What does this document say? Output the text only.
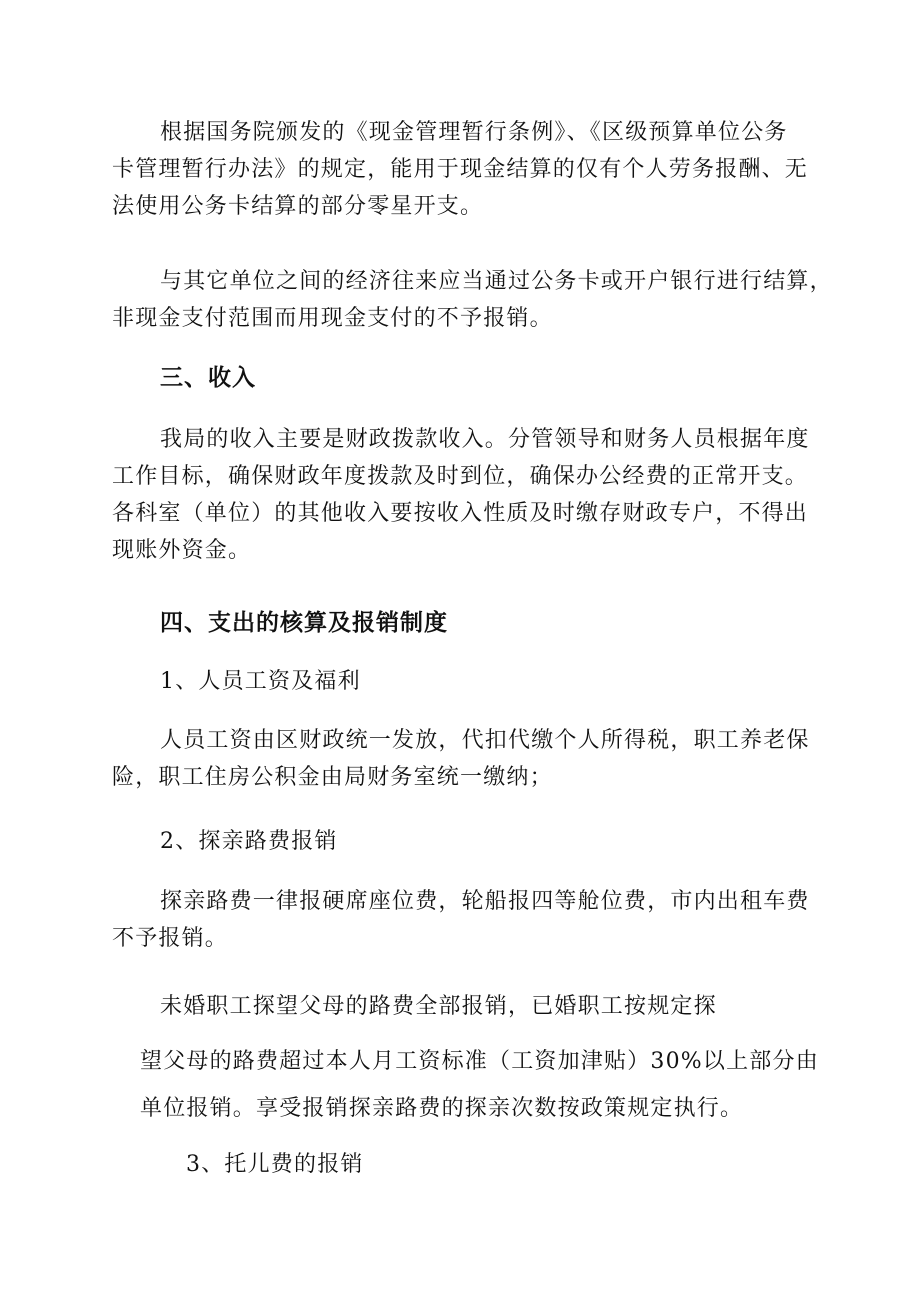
根据国务院颁发的《现金管理暂行条例》、《区级预算单位公务
卡管理暂行办法》的规定，能用于现金结算的仅有个人劳务报酬、无
法使用公务卡结算的部分零星开支。
与其它单位之间的经济往来应当通过公务卡或开户银行进行结算，
非现金支付范围而用现金支付的不予报销。
三、收入
我局的收入主要是财政拨款收入。分管领导和财务人员根据年度
工作目标，确保财政年度拨款及时到位，确保办公经费的正常开支。
各科室（单位）的其他收入要按收入性质及时缴存财政专户，不得出
现账外资金。
四、支出的核算及报销制度
1、人员工资及福利
人员工资由区财政统一发放，代扣代缴个人所得税，职工养老保
险，职工住房公积金由局财务室统一缴纳；
2、探亲路费报销
探亲路费一律报硬席座位费，轮船报四等舱位费，市内出租车费
不予报销。
未婚职工探望父母的路费全部报销，已婚职工按规定探
望父母的路费超过本人月工资标准（工资加津贴）30%以上部分由
单位报销。享受报销探亲路费的探亲次数按政策规定执行。
3、托儿费的报销
